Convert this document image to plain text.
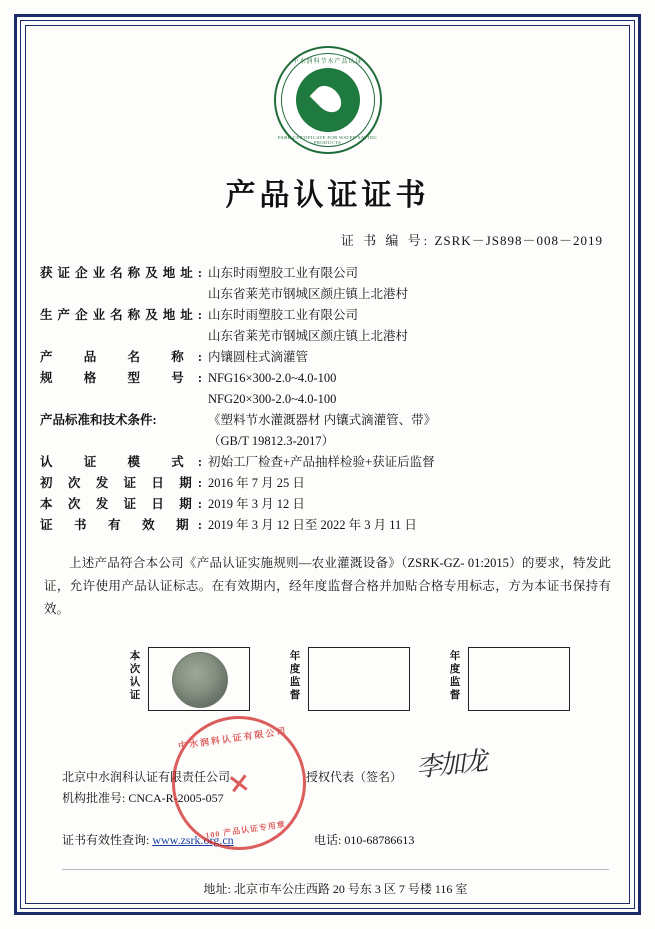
中水润科节水产品认证
PARK CERTIFICATE FOR WATER SAVING PRODUCTS
产品认证证书
证 书 编 号: ZSRK－JS898－008－2019
获证企业名称及地址: 山东时雨塑胶工业有限公司
山东省莱芜市钢城区颜庄镇上北港村
生产企业名称及地址: 山东时雨塑胶工业有限公司
山东省莱芜市钢城区颜庄镇上北港村
产 品 名 称: 内镶圆柱式滴灌管
规 格 型 号: NFG16×300-2.0~4.0-100
NFG20×300-2.0~4.0-100
产品标准和技术条件:	《塑料节水灌溉器材 内镶式滴灌管、带》
（GB/T 19812.3-2017）
认 证 模 式: 初始工厂检查+产品抽样检验+获证后监督
初 次 发 证 日 期: 2016 年 7 月 25 日
本 次 发 证 日 期: 2019 年 3 月 12 日
证 书 有 效 期: 2019 年 3 月 12 日至 2022 年 3 月 11 日
上述产品符合本公司《产品认证实施规则—农业灌溉设备》（ZSRK-GZ- 01:2015）的要求，特发此证，允许使用产品认证标志。在有效期内，经年度监督合格并加贴合格专用标志，方为本证书保持有效。
本次认证
年度监督
年度监督
北京中水润科认证有限责任公司
机构批准号: CNCA-R-2005-057
授权代表（签名） 李加龙
证书有效性查询: www.zsrk.org.cn	电话: 010-68786613
地址: 北京市车公庄西路 20 号东 3 区 7 号楼 116 室
中水润科认证有限公司
100 产品认证专用章
